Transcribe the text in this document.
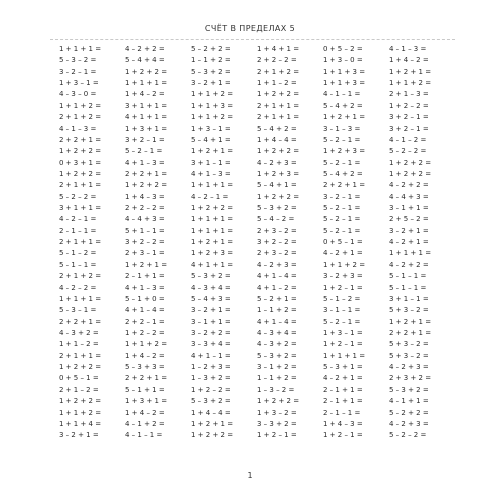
СЧЁТ В ПРЕДЕЛАХ 5
1 + 1 + 1 =	4 – 2 + 2 =	5 – 2 + 2 =	1 + 4 + 1 =	0 + 5 – 2 =	4 – 1 – 3 =
5 – 3 – 2 =	5 – 4 + 4 =	1 – 1 + 2 =	2 + 2 – 2 =	1 + 3 – 0 =	1 + 4 – 2 =
3 – 2 – 1 =	1 + 2 + 2 =	5 – 3 + 2 =	2 + 1 + 2 =	1 + 1 + 3 =	1 + 2 + 1 =
1 + 3 – 1 =	1 + 1 + 1 =	3 – 2 + 1 =	1 + 1 – 2 =	1 + 1 + 3 =	1 + 1 + 2 =
4 – 3 – 0 =	1 + 4 – 2 =	1 + 1 + 2 =	1 + 2 + 2 =	4 – 1 – 1 =	2 + 1 – 3 =
1 + 1 + 2 =	3 + 1 + 1 =	1 + 1 + 3 =	2 + 1 + 1 =	5 – 4 + 2 =	1 + 2 – 2 =
2 + 1 + 2 =	4 + 1 + 1 =	1 + 1 + 2 =	2 + 1 + 1 =	1 + 2 + 1 =	3 + 2 – 1 =
4 – 1 – 3 =	1 + 3 + 1 =	1 + 3 – 1 =	5 – 4 + 2 =	3 – 1 – 3 =	3 + 2 – 1 =
2 + 2 + 1 =	3 + 2 – 1 =	5 – 4 + 1 =	1 + 4 – 4 =	5 – 2 – 1 =	4 – 1 – 2 =
1 + 2 + 2 =	5 – 2 – 1 =	1 + 2 + 1 =	1 + 2 + 2 =	1 + 2 + 3 =	5 – 2 – 2 =
0 + 3 + 1 =	4 + 1 – 3 =	3 + 1 – 1 =	4 – 2 + 3 =	5 – 2 – 1 =	1 + 2 + 2 =
1 + 2 + 2 =	2 + 2 + 1 =	4 + 1 – 3 =	1 + 2 + 3 =	5 – 4 + 2 =	1 + 2 + 2 =
2 + 1 + 1 =	1 + 2 + 2 =	1 + 1 + 1 =	5 – 4 + 1 =	2 + 2 + 1 =	4 – 2 + 2 =
5 – 2 – 2 =	1 + 4 – 3 =	4 – 2 – 1 =	1 + 2 + 2 =	3 – 2 – 1 =	4 – 4 + 3 =
3 + 1 + 1 =	2 + 2 – 2 =	1 + 2 + 2 =	5 – 3 + 2 =	5 – 2 – 1 =	3 – 1 + 1 =
4 – 2 – 1 =	4 – 4 + 3 =	1 + 1 + 1 =	5 – 4 – 2 =	5 – 2 – 1 =	2 + 5 – 2 =
2 – 1 – 1 =	5 + 1 – 1 =	1 + 1 + 1 =	2 + 3 – 2 =	5 – 2 – 1 =	3 – 2 + 1 =
2 + 1 + 1 =	3 + 2 – 2 =	1 + 2 + 1 =	3 + 2 – 2 =	0 + 5 – 1 =	4 – 2 + 1 =
5 – 1 – 2 =	2 + 3 – 1 =	1 + 2 + 3 =	2 + 3 – 2 =	4 – 2 + 1 =	1 + 1 + 1 =
5 – 1 – 1 =	1 + 2 + 1 =	4 + 1 + 1 =	4 – 2 + 3 =	1 + 1 + 2 =	4 – 2 + 2 =
2 + 1 + 2 =	2 – 1 + 1 =	5 – 3 + 2 =	4 + 1 – 4 =	3 – 2 + 3 =	5 – 1 – 1 =
4 – 2 – 2 =	4 + 1 – 3 =	4 – 3 + 4 =	4 + 1 – 2 =	1 + 2 – 1 =	5 – 1 – 1 =
1 + 1 + 1 =	5 – 1 + 0 =	5 – 4 + 3 =	5 – 2 + 1 =	5 – 1 – 2 =	3 + 1 – 1 =
5 – 3 – 1 =	4 + 1 – 4 =	3 – 2 + 1 =	1 – 1 + 2 =	3 – 1 – 1 =	5 + 3 – 2 =
2 + 2 + 1 =	2 + 2 – 1 =	3 – 1 + 1 =	4 + 1 – 4 =	5 – 2 – 1 =	1 + 2 + 1 =
4 – 3 + 2 =	1 + 2 – 2 =	3 – 2 + 2 =	4 – 3 + 4 =	1 + 3 – 1 =	2 + 2 + 1 =
1 + 1 – 2 =	1 + 1 + 2 =	3 – 3 + 4 =	4 – 3 + 2 =	1 + 2 – 1 =	5 + 3 – 2 =
2 + 1 + 1 =	1 + 4 – 2 =	4 + 1 – 1 =	5 – 3 + 2 =	1 + 1 + 1 =	5 + 3 – 2 =
1 + 2 + 2 =	5 – 3 + 3 =	1 – 2 + 3 =	3 – 1 + 2 =	5 – 3 + 1 =	4 – 2 + 3 =
0 + 5 – 1 =	2 + 2 + 1 =	1 – 3 + 2 =	1 – 1 + 2 =	4 – 2 + 1 =	2 + 3 + 2 =
2 + 1 – 2 =	5 – 1 + 1 =	1 + 2 – 2 =	1 – 3 – 2 =	2 – 1 + 1 =	5 – 3 + 2 =
1 + 2 + 2 =	1 + 3 + 1 =	5 – 3 + 2 =	1 + 2 + 2 =	2 – 1 + 1 =	4 – 1 + 1 =
1 + 1 + 2 =	1 + 4 – 2 =	1 + 4 – 4 =	1 + 3 – 2 =	2 – 1 – 1 =	5 – 2 + 2 =
1 + 1 + 4 =	4 – 1 + 2 =	1 + 2 + 1 =	3 – 3 + 2 =	1 + 4 – 3 =	4 – 2 + 3 =
3 – 2 + 1 =	4 – 1 – 1 =	1 + 2 + 2 =	1 + 2 – 1 =	1 + 2 – 1 =	5 – 2 – 2 =
1
